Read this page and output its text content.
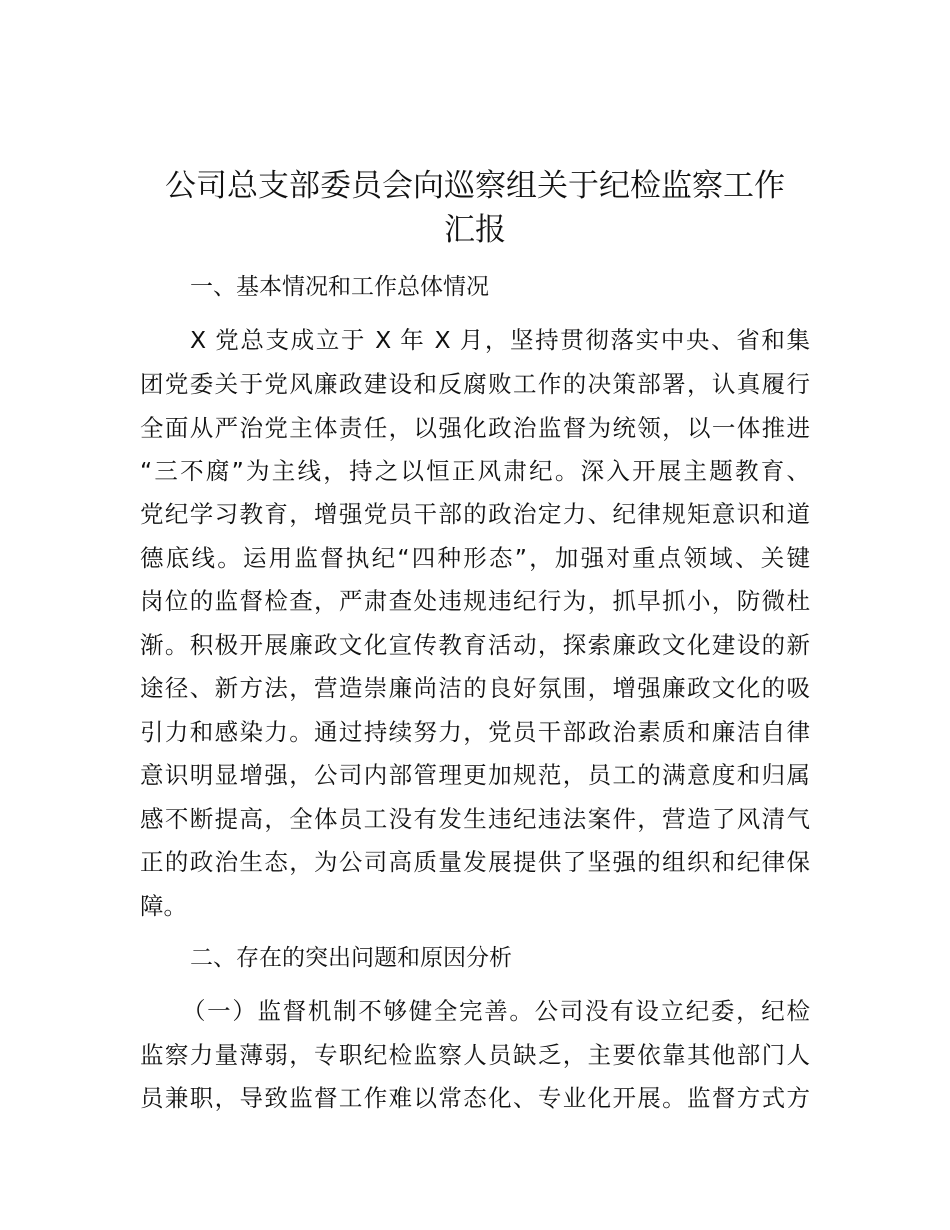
公司总支部委员会向巡察组关于纪检监察工作
汇报

一、基本情况和工作总体情况

X 党总支成立于 X 年 X 月，坚持贯彻落实中央、省和集

团党委关于党风廉政建设和反腐败工作的决策部署，认真履行

全面从严治党主体责任，以强化政治监督为统领，以一体推进

“三不腐”为主线，持之以恒正风肃纪。深入开展主题教育、

党纪学习教育，增强党员干部的政治定力、纪律规矩意识和道

德底线。运用监督执纪“四种形态”，加强对重点领域、关键

岗位的监督检查，严肃查处违规违纪行为，抓早抓小，防微杜

渐。积极开展廉政文化宣传教育活动，探索廉政文化建设的新

途径、新方法，营造崇廉尚洁的良好氛围，增强廉政文化的吸

引力和感染力。通过持续努力，党员干部政治素质和廉洁自律

意识明显增强，公司内部管理更加规范，员工的满意度和归属

感不断提高，全体员工没有发生违纪违法案件，营造了风清气

正的政治生态，为公司高质量发展提供了坚强的组织和纪律保

障。

二、存在的突出问题和原因分析

（一）监督机制不够健全完善。公司没有设立纪委，纪检

监察力量薄弱，专职纪检监察人员缺乏，主要依靠其他部门人

员兼职，导致监督工作难以常态化、专业化开展。监督方式方
